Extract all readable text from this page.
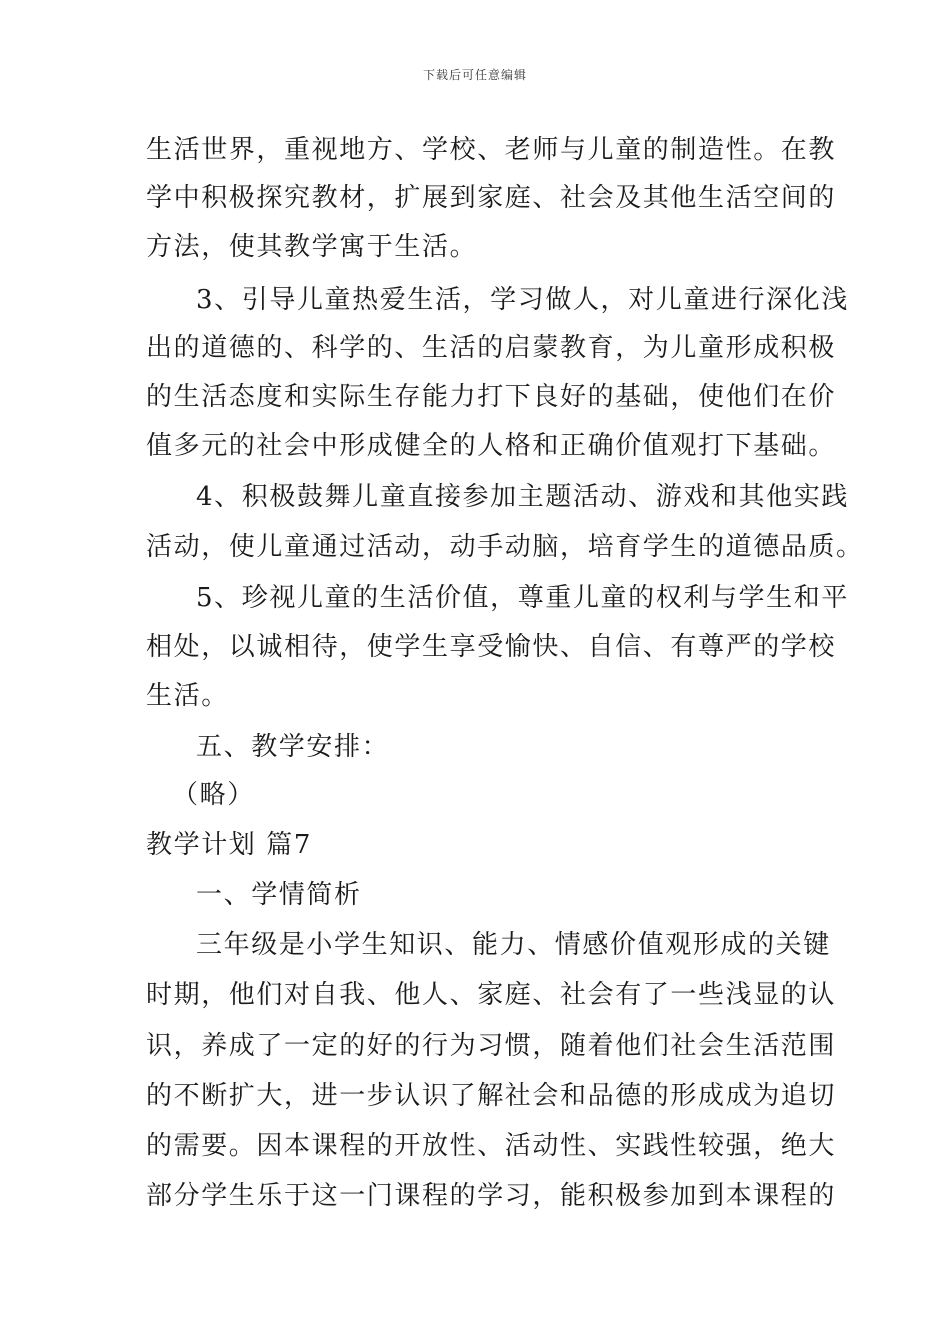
下载后可任意编辑
生活世界，重视地方、学校、老师与儿童的制造性。在教
学中积极探究教材，扩展到家庭、社会及其他生活空间的
方法，使其教学寓于生活。
3、引导儿童热爱生活，学习做人，对儿童进行深化浅
出的道德的、科学的、生活的启蒙教育，为儿童形成积极
的生活态度和实际生存能力打下良好的基础，使他们在价
值多元的社会中形成健全的人格和正确价值观打下基础。
4、积极鼓舞儿童直接参加主题活动、游戏和其他实践
活动，使儿童通过活动，动手动脑，培育学生的道德品质。
5、珍视儿童的生活价值，尊重儿童的权利与学生和平
相处，以诚相待，使学生享受愉快、自信、有尊严的学校
生活。
五、教学安排：
（略）
教学计划 篇7
一、学情简析
三年级是小学生知识、能力、情感价值观形成的关键
时期，他们对自我、他人、家庭、社会有了一些浅显的认
识，养成了一定的好的行为习惯，随着他们社会生活范围
的不断扩大，进一步认识了解社会和品德的形成成为追切
的需要。因本课程的开放性、活动性、实践性较强，绝大
部分学生乐于这一门课程的学习，能积极参加到本课程的
